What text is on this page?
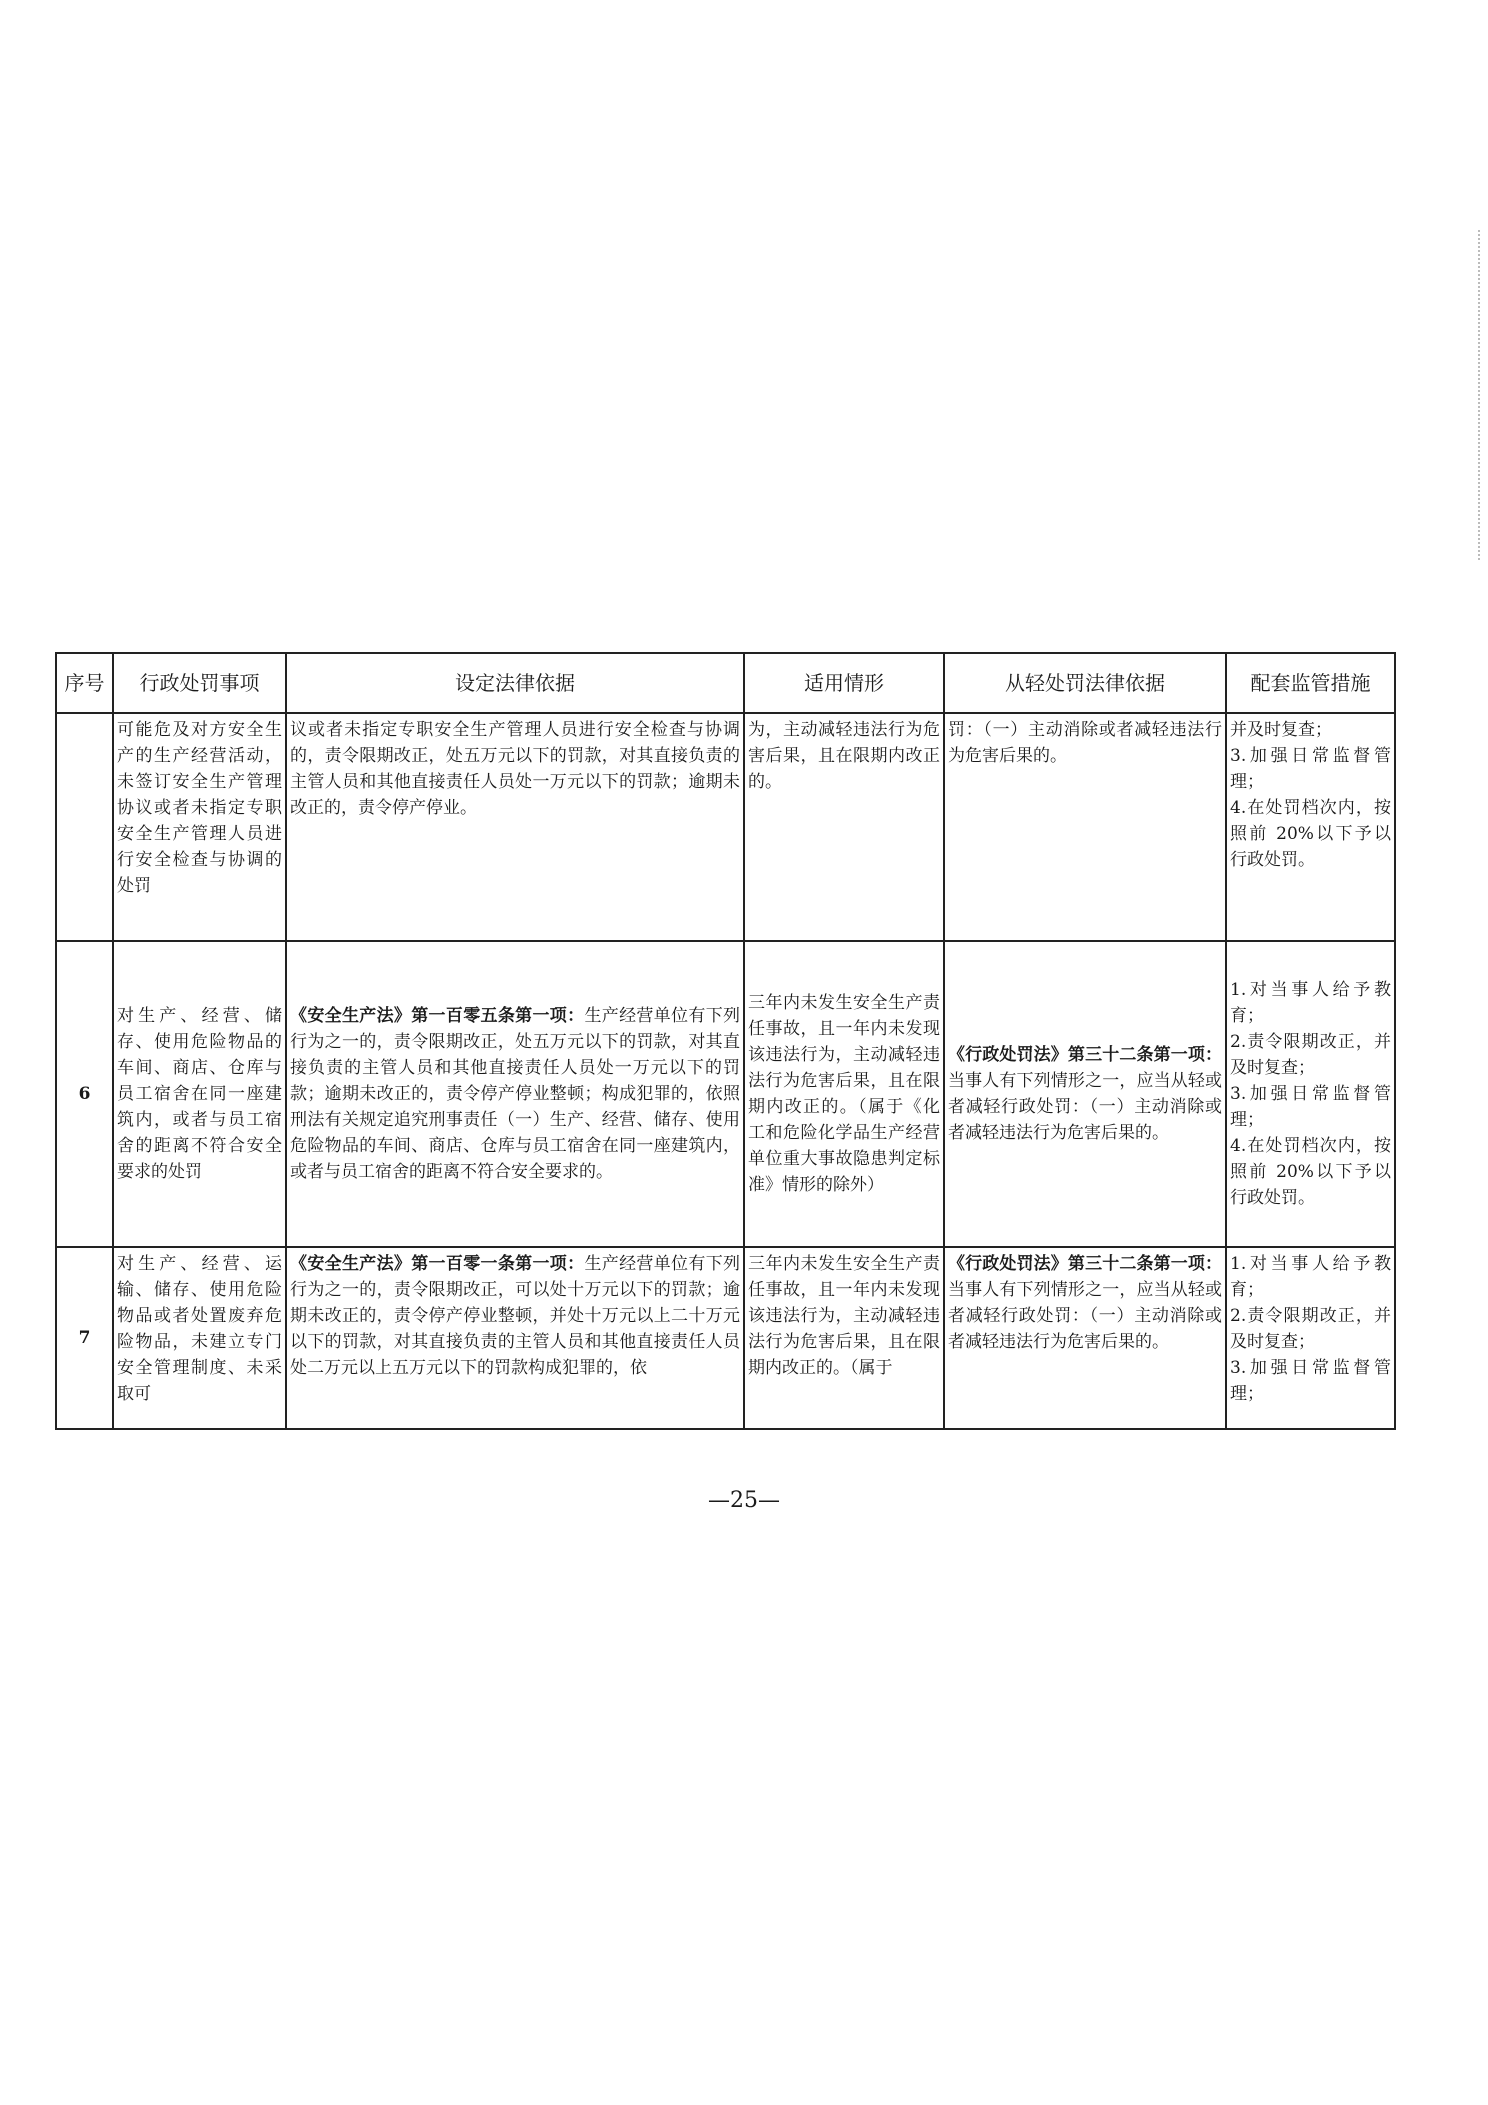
序号	行政处罚事项	设定法律依据	适用情形	从轻处罚法律依据	配套监管措施
	可能危及对方安全生产的生产经营活动，未签订安全生产管理协议或者未指定专职安全生产管理人员进行安全检查与协调的处罚	议或者未指定专职安全生产管理人员进行安全检查与协调的，责令限期改正，处五万元以下的罚款，对其直接负责的主管人员和其他直接责任人员处一万元以下的罚款；逾期未改正的，责令停产停业。	为，主动减轻违法行为危害后果，且在限期内改正的。	罚：（一）主动消除或者减轻违法行为危害后果的。	并及时复查；
3.加强日常监督管理；
4.在处罚档次内，按照前 20%以下予以行政处罚。
6	对生产、经营、储存、使用危险物品的车间、商店、仓库与员工宿舍在同一座建筑内，或者与员工宿舍的距离不符合安全要求的处罚	《安全生产法》第一百零五条第一项：生产经营单位有下列行为之一的，责令限期改正，处五万元以下的罚款，对其直接负责的主管人员和其他直接责任人员处一万元以下的罚款；逾期未改正的，责令停产停业整顿；构成犯罪的，依照刑法有关规定追究刑事责任（一）生产、经营、储存、使用危险物品的车间、商店、仓库与员工宿舍在同一座建筑内，或者与员工宿舍的距离不符合安全要求的。	三年内未发生安全生产责任事故，且一年内未发现该违法行为，主动减轻违法行为危害后果，且在限期内改正的。（属于《化工和危险化学品生产经营单位重大事故隐患判定标准》情形的除外）	《行政处罚法》第三十二条第一项：当事人有下列情形之一，应当从轻或者减轻行政处罚：（一）主动消除或者减轻违法行为危害后果的。	1.对当事人给予教育；
2.责令限期改正，并及时复查；
3.加强日常监督管理；
4.在处罚档次内，按照前 20%以下予以行政处罚。
7	对生产、经营、运输、储存、使用危险物品或者处置废弃危险物品，未建立专门安全管理制度、未采取可	《安全生产法》第一百零一条第一项：生产经营单位有下列行为之一的，责令限期改正，可以处十万元以下的罚款；逾期未改正的，责令停产停业整顿，并处十万元以上二十万元以下的罚款，对其直接负责的主管人员和其他直接责任人员处二万元以上五万元以下的罚款构成犯罪的，依	三年内未发生安全生产责任事故，且一年内未发现该违法行为，主动减轻违法行为危害后果，且在限期内改正的。（属于	《行政处罚法》第三十二条第一项：当事人有下列情形之一，应当从轻或者减轻行政处罚：（一）主动消除或者减轻违法行为危害后果的。	1.对当事人给予教育；
2.责令限期改正，并及时复查；
3.加强日常监督管理；
—25—
